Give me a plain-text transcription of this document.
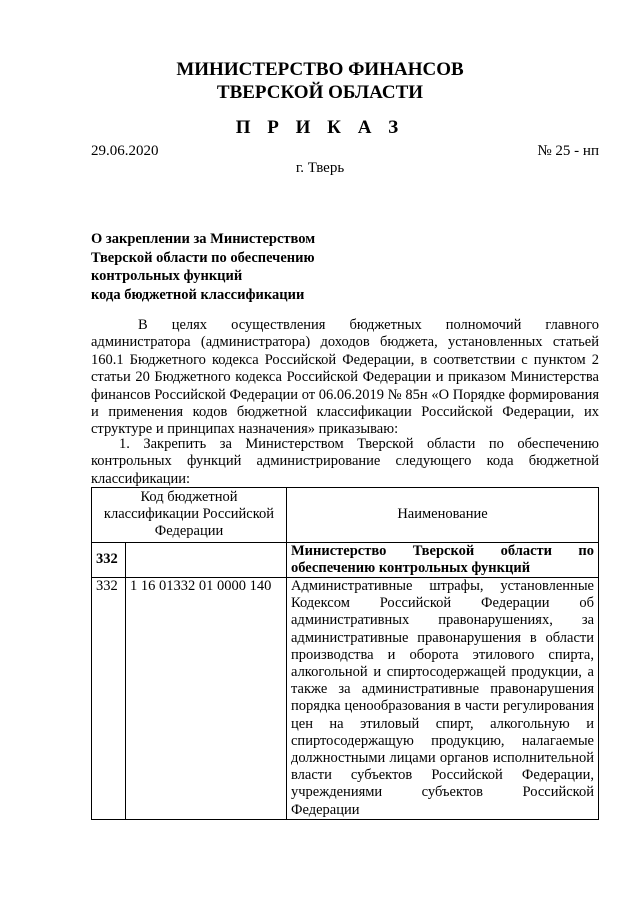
МИНИСТЕРСТВО ФИНАНСОВ
ТВЕРСКОЙ ОБЛАСТИ
П Р И К А З
29.06.2020	№ 25 - нп
г. Тверь
О закреплении за Министерством
Тверской области по обеспечению
контрольных функций
кода бюджетной классификации
В целях осуществления бюджетных полномочий главного администратора (администратора) доходов бюджета, установленных статьей 160.1 Бюджетного кодекса Российской Федерации, в соответствии с пунктом 2 статьи 20 Бюджетного кодекса Российской Федерации и приказом Министерства финансов Российской Федерации от 06.06.2019 № 85н «О Порядке формирования и применения кодов бюджетной классификации Российской Федерации, их структуре и принципах назначения» приказываю:
1. Закрепить за Министерством Тверской области по обеспечению контрольных функций администрирование следующего кода бюджетной классификации:
Код бюджетной классификации Российской Федерации		Наименование
332		Министерство Тверской области по обеспечению контрольных функций
332	1 16 01332 01 0000 140	Административные штрафы, установленные Кодексом Российской Федерации об административных правонарушениях, за административные правонарушения в области производства и оборота этилового спирта, алкогольной и спиртосодержащей продукции, а также за административные правонарушения порядка ценообразования в части регулирования цен на этиловый спирт, алкогольную и спиртосодержащую продукцию, налагаемые должностными лицами органов исполнительной власти субъектов Российской Федерации, учреждениями субъектов Российской Федерации
